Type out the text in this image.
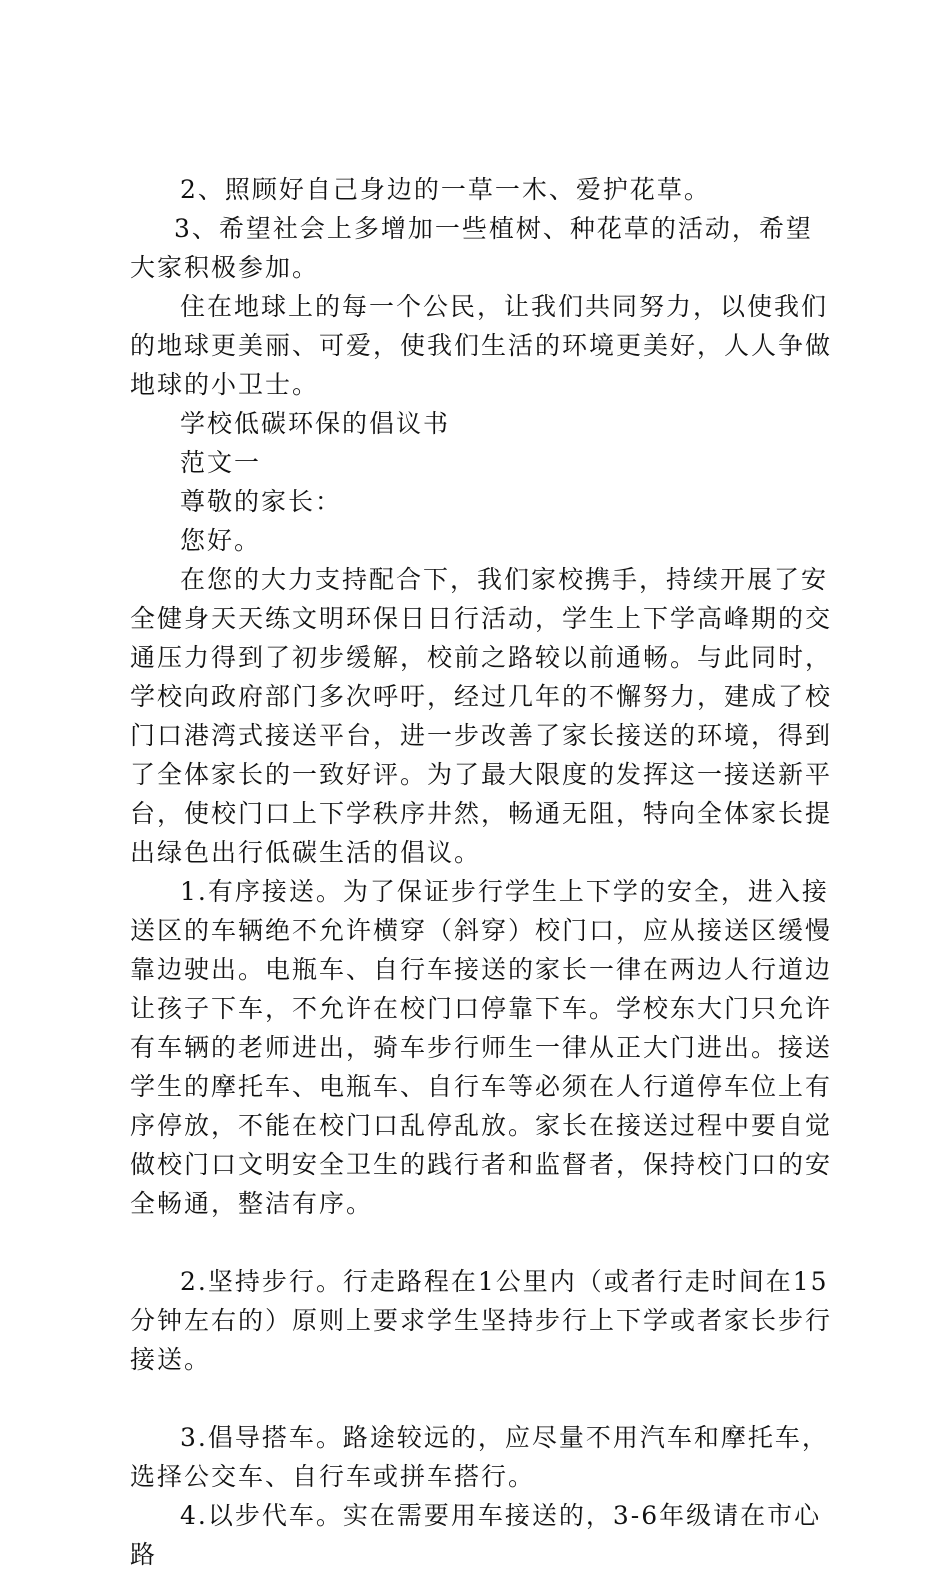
2、照顾好自己身边的一草一木、爱护花草。

3、希望社会上多增加一些植树、种花草的活动，希望大家积极参加。

住在地球上的每一个公民，让我们共同努力，以使我们的地球更美丽、可爱，使我们生活的环境更美好，人人争做地球的小卫士。

学校低碳环保的倡议书

范文一

尊敬的家长：

您好。

在您的大力支持配合下，我们家校携手，持续开展了安全健身天天练文明环保日日行活动，学生上下学高峰期的交通压力得到了初步缓解，校前之路较以前通畅。与此同时，学校向政府部门多次呼吁，经过几年的不懈努力，建成了校门口港湾式接送平台，进一步改善了家长接送的环境，得到了全体家长的一致好评。为了最大限度的发挥这一接送新平台，使校门口上下学秩序井然，畅通无阻，特向全体家长提出绿色出行低碳生活的倡议。

1.有序接送。为了保证步行学生上下学的安全，进入接送区的车辆绝不允许横穿（斜穿）校门口，应从接送区缓慢靠边驶出。电瓶车、自行车接送的家长一律在两边人行道边让孩子下车，不允许在校门口停靠下车。学校东大门只允许有车辆的老师进出，骑车步行师生一律从正大门进出。接送学生的摩托车、电瓶车、自行车等必须在人行道停车位上有序停放，不能在校门口乱停乱放。家长在接送过程中要自觉做校门口文明安全卫生的践行者和监督者，保持校门口的安全畅通，整洁有序。

2.坚持步行。行走路程在1公里内（或者行走时间在15分钟左右的）原则上要求学生坚持步行上下学或者家长步行接送。

3.倡导搭车。路途较远的，应尽量不用汽车和摩托车，选择公交车、自行车或拼车搭行。

4.以步代车。实在需要用车接送的，3-6年级请在市心路
